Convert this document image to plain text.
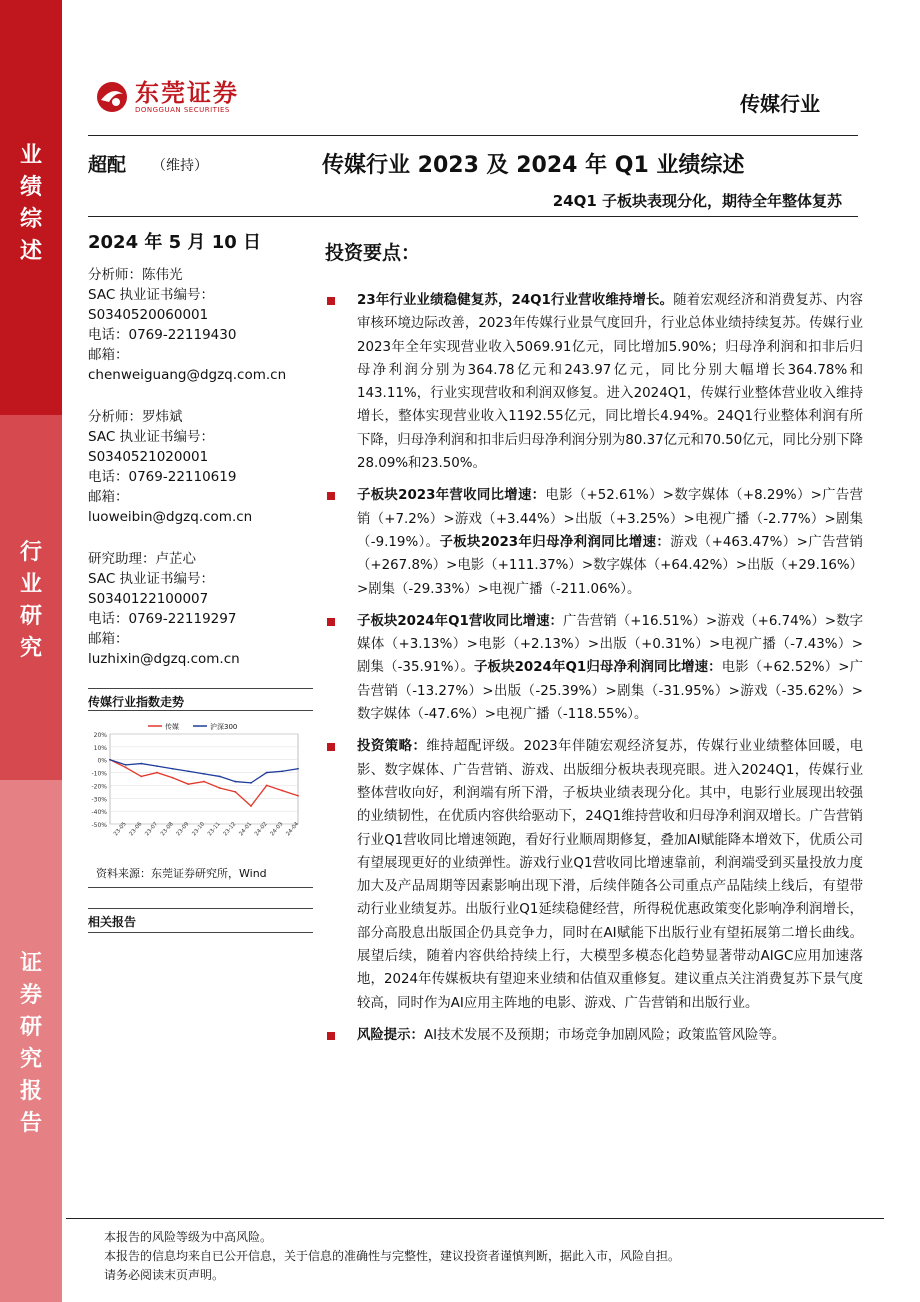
业
绩
综
述
行
业
研
究
证
券
研
究
报
告
东莞证券
DONGGUAN SECURITIES	传媒行业
超配 （维持）	传媒行业 2023 及 2024 年 Q1 业绩综述
24Q1 子板块表现分化，期待全年整体复苏
2024 年 5 月 10 日
分析师：陈伟光
SAC 执业证书编号：
S0340520060001
电话：0769-22119430
邮箱：
chenweiguang@dgzq.com.cn
分析师：罗炜斌
SAC 执业证书编号：
S0340521020001
电话：0769-22110619
邮箱：
luoweibin@dgzq.com.cn
研究助理：卢芷心
SAC 执业证书编号：
S0340122100007
电话：0769-22119297
邮箱：
luzhixin@dgzq.com.cn
传媒行业指数走势
20%
10%
0%
-10%
-20%
-30%
-40%
-50% 23-05 23-06 23-07 23-08 23-09 23-10 23-11 23-12 24-01 24-02 24-03 24-04
传媒	沪深300
资料来源：东莞证券研究所，Wind
相关报告
投资要点：
23年行业业绩稳健复苏，24Q1行业营收维持增长。随着宏观经济和消费复苏、内容审核环境边际改善，2023年传媒行业景气度回升，行业总体业绩持续复苏。传媒行业2023年全年实现营业收入5069.91亿元，同比增加5.90%；归母净利润和扣非后归母净利润分别为364.78亿元和243.97亿元，同比分别大幅增长364.78%和143.11%，行业实现营收和利润双修复。进入2024Q1，传媒行业整体营业收入维持增长，整体实现营业收入1192.55亿元，同比增长4.94%。24Q1行业整体利润有所下降，归母净利润和扣非后归母净利润分别为80.37亿元和70.50亿元，同比分别下降28.09%和23.50%。
子板块2023年营收同比增速：电影（+52.61%）>数字媒体（+8.29%）>广告营销（+7.2%）>游戏（+3.44%）>出版（+3.25%）>电视广播（-2.77%）>剧集（-9.19%）。子板块2023年归母净利润同比增速：游戏（+463.47%）>广告营销（+267.8%）>电影（+111.37%）>数字媒体（+64.42%）>出版（+29.16%）>剧集（-29.33%）>电视广播（-211.06%）。
子板块2024年Q1营收同比增速：广告营销（+16.51%）>游戏（+6.74%）>数字媒体（+3.13%）>电影（+2.13%）>出版（+0.31%）>电视广播（-7.43%）>剧集（-35.91%）。子板块2024年Q1归母净利润同比增速：电影（+62.52%）>广告营销（-13.27%）>出版（-25.39%）>剧集（-31.95%）>游戏（-35.62%）>数字媒体（-47.6%）>电视广播（-118.55%）。
投资策略：维持超配评级。2023年伴随宏观经济复苏，传媒行业业绩整体回暖，电影、数字媒体、广告营销、游戏、出版细分板块表现亮眼。进入2024Q1，传媒行业整体营收向好，利润端有所下滑，子板块业绩表现分化。其中，电影行业展现出较强的业绩韧性，在优质内容供给驱动下，24Q1维持营收和归母净利润双增长。广告营销行业Q1营收同比增速领跑，看好行业顺周期修复，叠加AI赋能降本增效下，优质公司有望展现更好的业绩弹性。游戏行业Q1营收同比增速靠前，利润端受到买量投放力度加大及产品周期等因素影响出现下滑，后续伴随各公司重点产品陆续上线后，有望带动行业业绩复苏。出版行业Q1延续稳健经营，所得税优惠政策变化影响净利润增长，部分高股息出版国企仍具竞争力，同时在AI赋能下出版行业有望拓展第二增长曲线。展望后续，随着内容供给持续上行，大模型多模态化趋势显著带动AIGC应用加速落地，2024年传媒板块有望迎来业绩和估值双重修复。建议重点关注消费复苏下景气度较高，同时作为AI应用主阵地的电影、游戏、广告营销和出版行业。
风险提示：AI技术发展不及预期；市场竞争加剧风险；政策监管风险等。
本报告的风险等级为中高风险。
本报告的信息均来自已公开信息，关于信息的准确性与完整性，建议投资者谨慎判断，据此入市，风险自担。
请务必阅读末页声明。
